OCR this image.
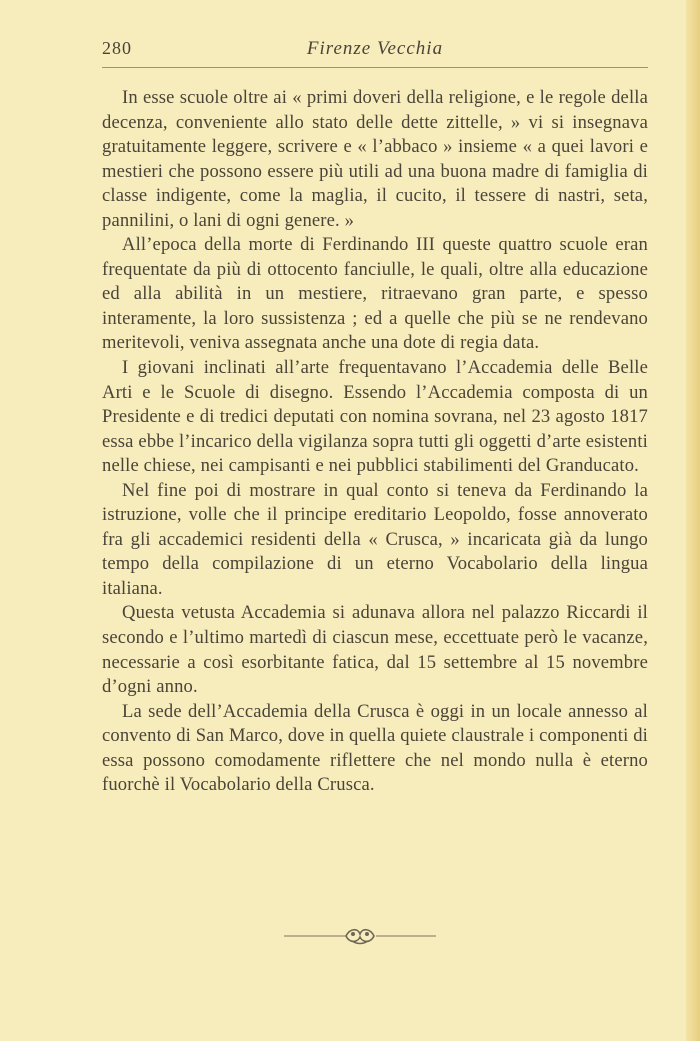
280	Firenze Vecchia

In esse scuole oltre ai « primi doveri della religione, e le regole della decenza, conveniente allo stato delle dette zittelle, » vi si insegnava gratuitamente leggere, scrivere e « l’abbaco » insieme « a quei lavori e mestieri che possono essere più utili ad una buona madre di famiglia di classe indigente, come la maglia, il cucito, il tessere di nastri, seta, pannilini, o lani di ogni genere. »

All’epoca della morte di Ferdinando III queste quattro scuole eran frequentate da più di ottocento fanciulle, le quali, oltre alla educazione ed alla abilità in un mestiere, ritraevano gran parte, e spesso interamente, la loro sussistenza ; ed a quelle che più se ne rendevano meritevoli, veniva assegnata anche una dote di regia data.

I giovani inclinati all’arte frequentavano l’Accademia delle Belle Arti e le Scuole di disegno. Essendo l’Accademia composta di un Presidente e di tredici deputati con nomina sovrana, nel 23 agosto 1817 essa ebbe l’incarico della vigilanza sopra tutti gli oggetti d’arte esistenti nelle chiese, nei campisanti e nei pubblici stabilimenti del Granducato.

Nel fine poi di mostrare in qual conto si teneva da Ferdinando la istruzione, volle che il principe ereditario Leopoldo, fosse annoverato fra gli accademici residenti della « Crusca, » incaricata già da lungo tempo della compilazione di un eterno Vocabolario della lingua italiana.

Questa vetusta Accademia si adunava allora nel palazzo Riccardi il secondo e l’ultimo martedì di ciascun mese, eccettuate però le vacanze, necessarie a così esorbitante fatica, dal 15 settembre al 15 novembre d’ogni anno.

La sede dell’Accademia della Crusca è oggi in un locale annesso al convento di San Marco, dove in quella quiete claustrale i componenti di essa possono comodamente riflettere che nel mondo nulla è eterno fuorchè il Vocabolario della Crusca.
